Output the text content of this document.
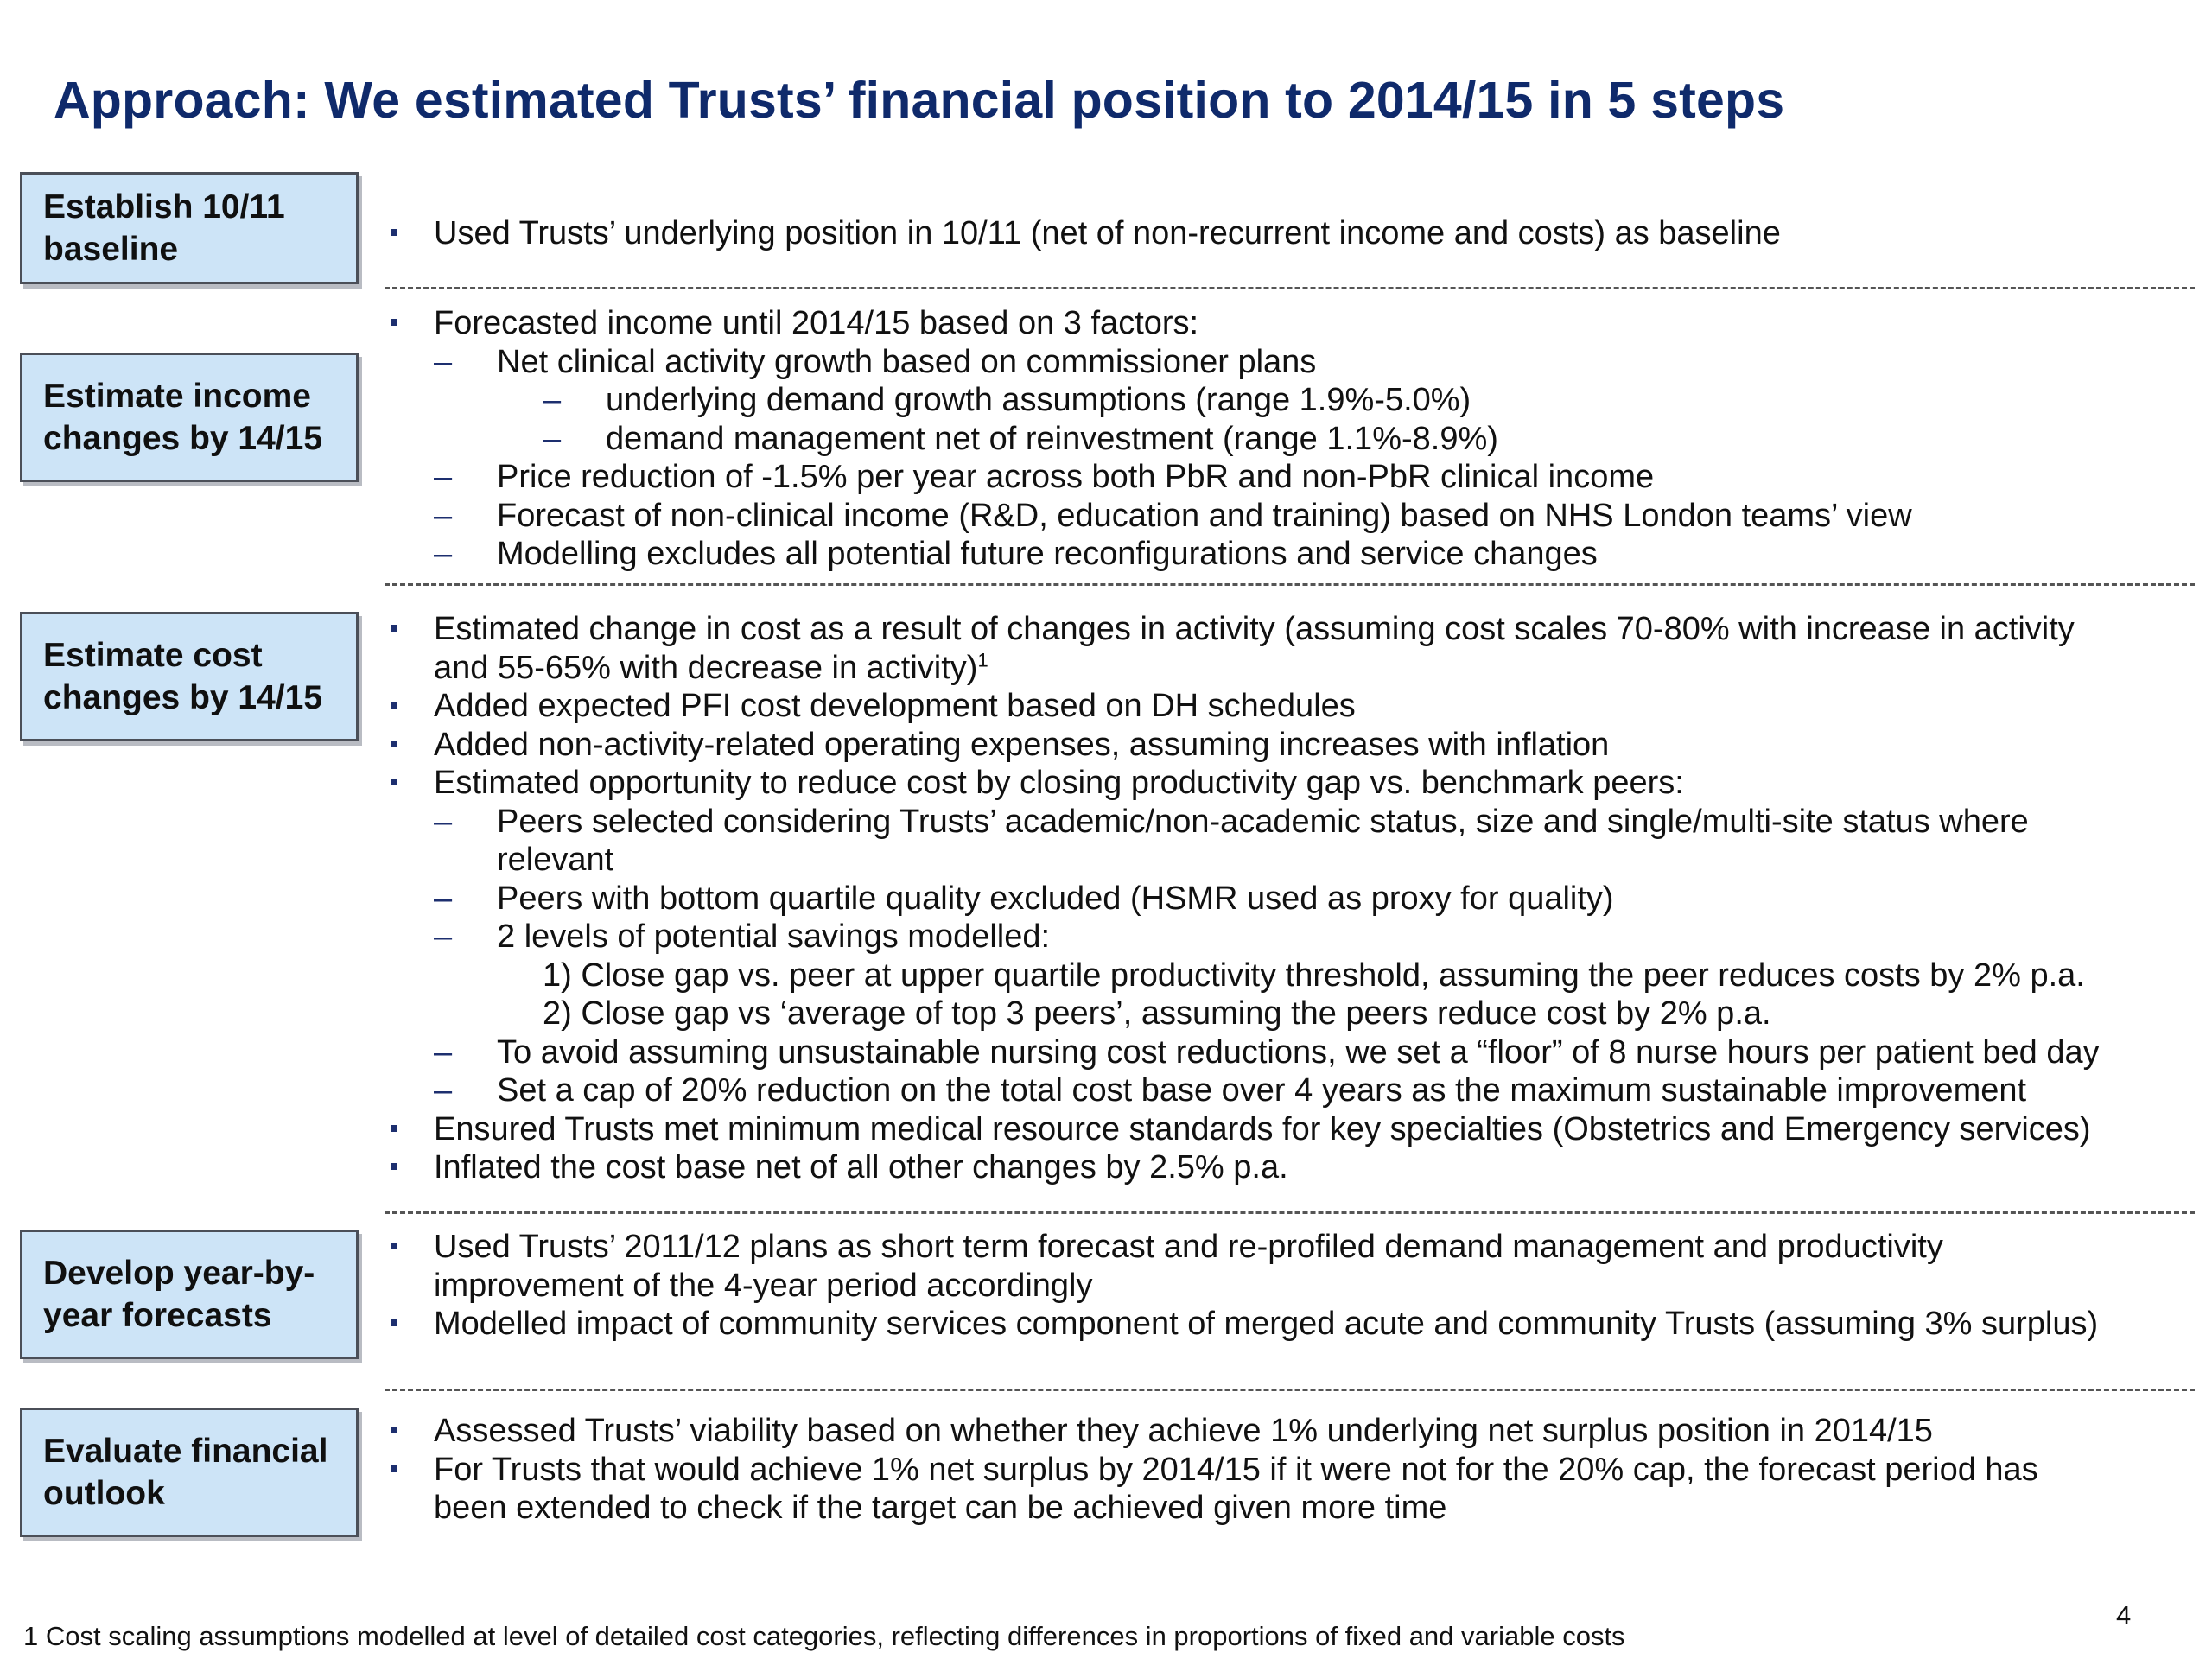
Approach: We estimated Trusts’ financial position to 2014/15 in 5 steps
Establish 10/11
baseline
Estimate income
changes by 14/15
Estimate cost
changes by 14/15
Develop year-by-
year forecasts
Evaluate financial
outlook
Used Trusts’ underlying position in 10/11 (net of non-recurrent income and costs) as baseline
Forecasted income until 2014/15 based on 3 factors:
– Net clinical activity growth based on commissioner plans
– underlying demand growth assumptions (range 1.9%-5.0%)
– demand management net of reinvestment (range 1.1%-8.9%)
– Price reduction of -1.5% per year across both PbR and non-PbR clinical income
– Forecast of non-clinical income (R&D, education and training) based on NHS London teams’ view
– Modelling excludes all potential future reconfigurations and service changes
Estimated change in cost as a result of changes in activity (assuming cost scales 70-80% with increase in activity
and 55-65% with decrease in activity)$^1$
Added expected PFI cost development based on DH schedules
Added non-activity-related operating expenses, assuming increases with inflation
Estimated opportunity to reduce cost by closing productivity gap vs. benchmark peers:
– Peers selected considering Trusts’ academic/non-academic status, size and single/multi-site status where
relevant
– Peers with bottom quartile quality excluded (HSMR used as proxy for quality)
– 2 levels of potential savings modelled:
1) Close gap vs. peer at upper quartile productivity threshold, assuming the peer reduces costs by 2% p.a.
2) Close gap vs ‘average of top 3 peers’, assuming the peers reduce cost by 2% p.a.
– To avoid assuming unsustainable nursing cost reductions, we set a “floor” of 8 nurse hours per patient bed day
– Set a cap of 20% reduction on the total cost base over 4 years as the maximum sustainable improvement
Ensured Trusts met minimum medical resource standards for key specialties (Obstetrics and Emergency services)
Inflated the cost base net of all other changes by 2.5% p.a.
Used Trusts’ 2011/12 plans as short term forecast and re-profiled demand management and productivity
improvement of the 4-year period accordingly
Modelled impact of community services component of merged acute and community Trusts (assuming 3% surplus)
Assessed Trusts’ viability based on whether they achieve 1% underlying net surplus position in 2014/15
For Trusts that would achieve 1% net surplus by 2014/15 if it were not for the 20% cap, the forecast period has
been extended to check if the target can be achieved given more time
1 Cost scaling assumptions modelled at level of detailed cost categories, reflecting differences in proportions of fixed and variable costs
4
